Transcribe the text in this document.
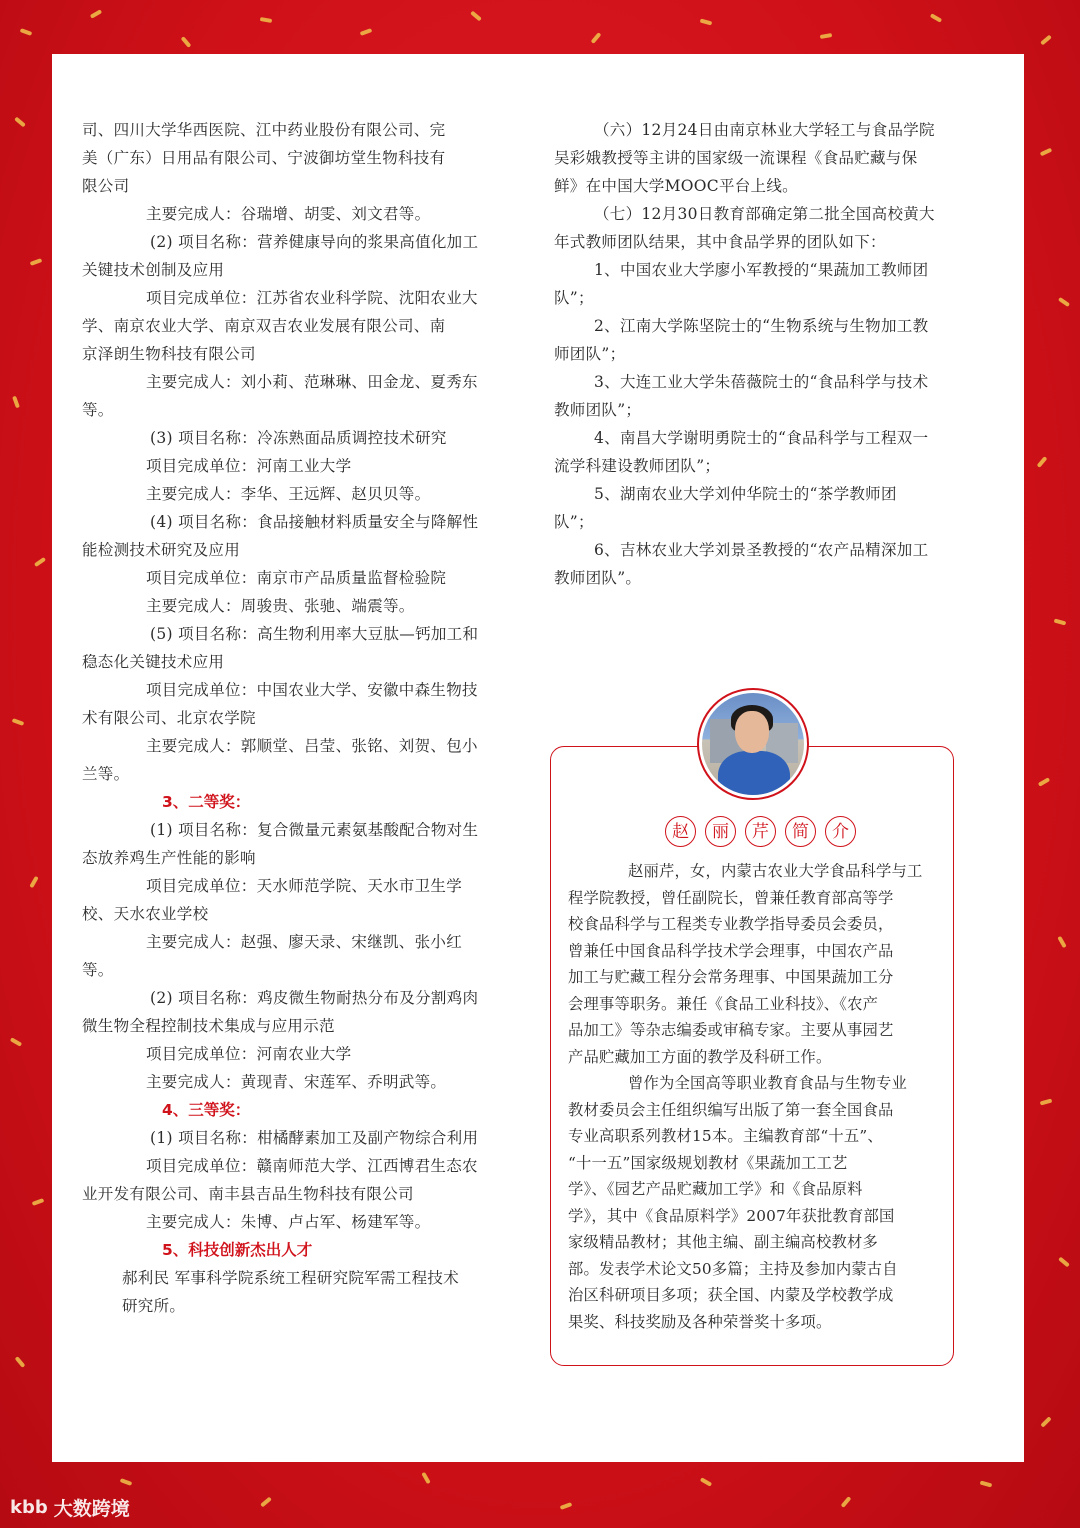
司、四川大学华西医院、江中药业股份有限公司、完
美（广东）日用品有限公司、宁波御坊堂生物科技有
限公司
主要完成人：谷瑞增、胡雯、刘文君等。
(2) 项目名称：营养健康导向的浆果高值化加工
关键技术创制及应用
项目完成单位：江苏省农业科学院、沈阳农业大
学、南京农业大学、南京双吉农业发展有限公司、南
京泽朗生物科技有限公司
主要完成人：刘小莉、范琳琳、田金龙、夏秀东
等。
(3) 项目名称：冷冻熟面品质调控技术研究
项目完成单位：河南工业大学
主要完成人：李华、王远辉、赵贝贝等。
(4) 项目名称：食品接触材料质量安全与降解性
能检测技术研究及应用
项目完成单位：南京市产品质量监督检验院
主要完成人：周骏贵、张驰、端震等。
(5) 项目名称：高生物利用率大豆肽—钙加工和
稳态化关键技术应用
项目完成单位：中国农业大学、安徽中森生物技
术有限公司、北京农学院
主要完成人：郭顺堂、吕莹、张铭、刘贺、包小
兰等。
3、二等奖：
(1) 项目名称：复合微量元素氨基酸配合物对生
态放养鸡生产性能的影响
项目完成单位：天水师范学院、天水市卫生学
校、天水农业学校
主要完成人：赵强、廖天录、宋继凯、张小红
等。
(2) 项目名称：鸡皮微生物耐热分布及分割鸡肉
微生物全程控制技术集成与应用示范
项目完成单位：河南农业大学
主要完成人：黄现青、宋莲军、乔明武等。
4、三等奖：
(1) 项目名称：柑橘酵素加工及副产物综合利用
项目完成单位：赣南师范大学、江西博君生态农
业开发有限公司、南丰县吉品生物科技有限公司
主要完成人：朱博、卢占军、杨建军等。
5、科技创新杰出人才
郝利民 军事科学院系统工程研究院军需工程技术
研究所。
（六）12月24日由南京林业大学轻工与食品学院
吴彩娥教授等主讲的国家级一流课程《食品贮藏与保
鲜》在中国大学MOOC平台上线。
（七）12月30日教育部确定第二批全国高校黄大
年式教师团队结果，其中食品学界的团队如下：
1、中国农业大学廖小军教授的“果蔬加工教师团
队”；
2、江南大学陈坚院士的“生物系统与生物加工教
师团队”；
3、大连工业大学朱蓓薇院士的“食品科学与技术
教师团队”；
4、南昌大学谢明勇院士的“食品科学与工程双一
流学科建设教师团队”；
5、湖南农业大学刘仲华院士的“茶学教师团
队”；
6、吉林农业大学刘景圣教授的“农产品精深加工
教师团队”。
赵	丽	芹	简	介
赵丽芹，女，内蒙古农业大学食品科学与工
程学院教授，曾任副院长，曾兼任教育部高等学
校食品科学与工程类专业教学指导委员会委员，
曾兼任中国食品科学技术学会理事，中国农产品
加工与贮藏工程分会常务理事、中国果蔬加工分
会理事等职务。兼任《食品工业科技》、《农产
品加工》等杂志编委或审稿专家。主要从事园艺
产品贮藏加工方面的教学及科研工作。
曾作为全国高等职业教育食品与生物专业
教材委员会主任组织编写出版了第一套全国食品
专业高职系列教材15本。主编教育部“十五”、
“十一五”国家级规划教材《果蔬加工工艺
学》、《园艺产品贮藏加工学》和《食品原料
学》，其中《食品原料学》2007年获批教育部国
家级精品教材；其他主编、副主编高校教材多
部。发表学术论文50多篇；主持及参加内蒙古自
治区科研项目多项；获全国、内蒙及学校教学成
果奖、科技奖励及各种荣誉奖十多项。
kbb 大数跨境
